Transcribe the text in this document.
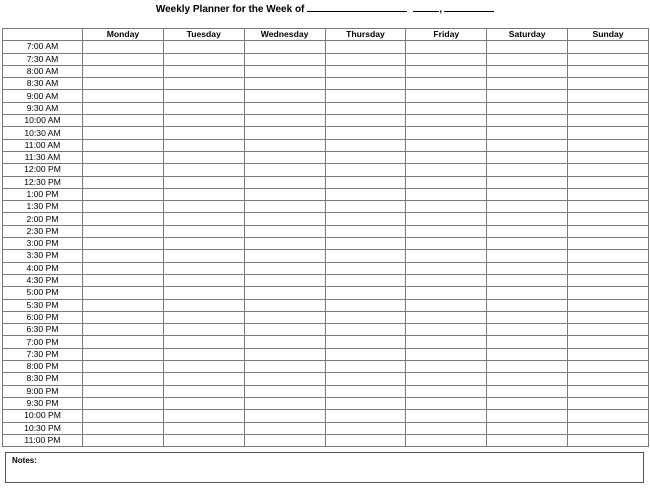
Weekly Planner for the Week of	,
	Monday	Tuesday	Wednesday	Thursday	Friday	Saturday	Sunday
7:00 AM							
7:30 AM							
8:00 AM							
8:30 AM							
9:00 AM							
9:30 AM							
10:00 AM							
10:30 AM							
11:00 AM							
11:30 AM							
12:00 PM							
12:30 PM							
1:00 PM							
1:30 PM							
2:00 PM							
2:30 PM							
3:00 PM							
3:30 PM							
4:00 PM							
4:30 PM							
5:00 PM							
5:30 PM							
6:00 PM							
6:30 PM							
7:00 PM							
7:30 PM							
8:00 PM							
8:30 PM							
9:00 PM							
9:30 PM							
10:00 PM							
10:30 PM							
11:00 PM							
Notes:
